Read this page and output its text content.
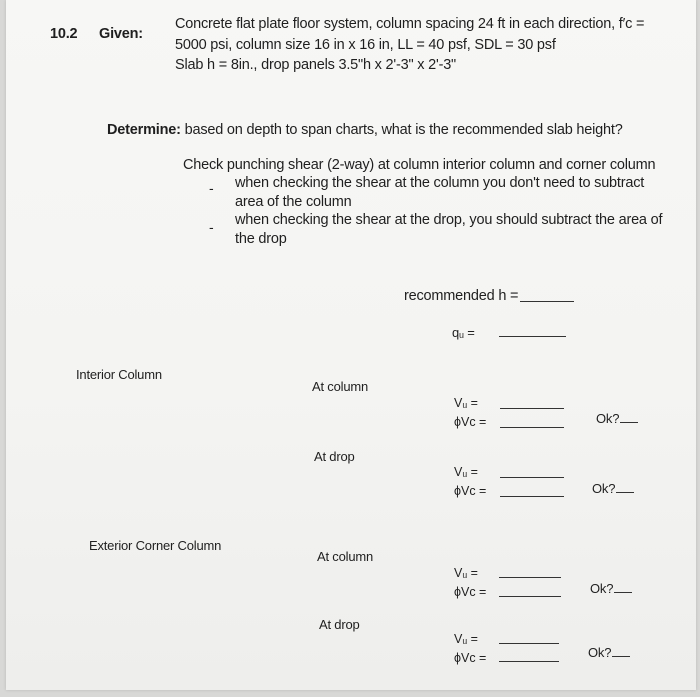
10.2 Given:
Concrete flat plate floor system, column spacing 24 ft in each direction, f′c =
5000 psi, column size 16 in x 16 in, LL = 40 psf, SDL = 30 psf
Slab h = 8in., drop panels 3.5"h x 2'-3" x 2'-3"
Determine: based on depth to span charts, what is the recommended slab height?
Check punching shear (2-way) at column interior column and corner column
- when checking the shear at the column you don't need to subtract
area of the column
- when checking the shear at the drop, you should subtract the area of
the drop
recommended h =
qᵤ =
Interior Column
At column
Vᵤ =
ϕVc =	Ok?
At drop
Vᵤ =
ϕVc =	Ok?
Exterior Corner Column
At column
Vᵤ =
ϕVc =	Ok?
At drop
Vᵤ =
ϕVc =	Ok?
